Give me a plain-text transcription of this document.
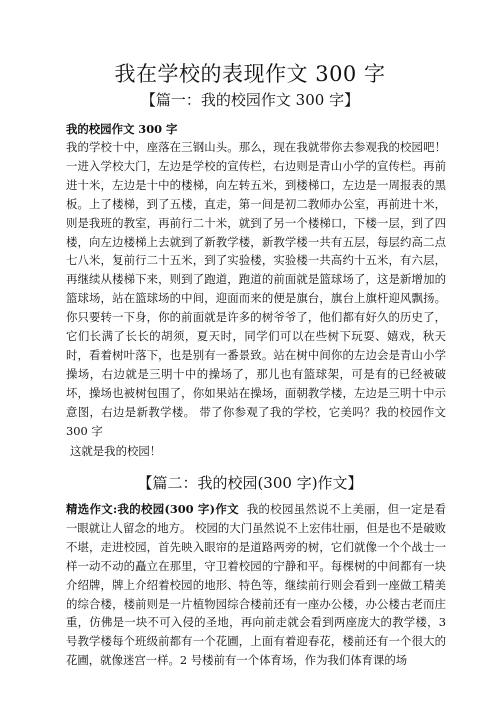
我在学校的表现作文 300 字
【篇一：我的校园作文 300 字】

我的校园作文 300 字

我的学校十中，座落在三钢山头。那么，现在我就带你去参观我的校园吧！一进入学校大门，左边是学校的宣传栏，右边则是青山小学的宣传栏。再前进十米，左边是十中的楼梯，向左转五米，到楼梯口，左边是一周报表的黑板。上了楼梯，到了五楼，直走，第一间是初二教师办公室，再前进十米，则是我班的教室，再前行二十米，就到了另一个楼梯口，下楼一层，到了四楼，向左边楼梯上去就到了新教学楼，新教学楼一共有五层，每层约高二点七八米，复前行二十五米，到了实验楼，实验楼一共高约十五米，有六层，再继续从楼梯下来，则到了跑道，跑道的前面就是篮球场了，这是新增加的篮球场，站在篮球场的中间，迎面而来的便是旗台，旗台上旗杆迎风飘扬。你只要转一下身，你的前面就是许多的树爷爷了，他们都有好久的历史了，它们长满了长长的胡须，夏天时，同学们可以在些树下玩耍、嬉戏，秋天时，看着树叶落下，也是别有一番景致。站在树中间你的左边会是青山小学操场，右边就是三明十中的操场了，那儿也有篮球架，可是有的已经被破坏，操场也被树包围了，你如果站在操场，面朝教学楼，左边是三明十中示意图，右边是新教学楼。 带了你参观了我的学校，它美吗？我的校园作文 300 字

这就是我的校园！

【篇二：我的校园(300 字)作文】

精选作文:我的校园(300 字)作文 我的校园虽然说不上美丽，但一定是看一眼就让人留念的地方。 校园的大门虽然说不上宏伟壮丽，但是也不是破败不堪，走进校园，首先映入眼帘的是道路两旁的树，它们就像一个个战士一样一动不动的矗立在那里，守卫着校园的宁静和平。每棵树的中间都有一块介绍牌，牌上介绍着校园的地形、特色等，继续前行则会看到一座做工精美的综合楼，楼前则是一片植物园综合楼前还有一座办公楼，办公楼古老而庄重，仿佛是一块不可入侵的圣地，再向前走就会看到两座庞大的教学楼，3 号教学楼每个班级前都有一个花圃，上面有着迎春花，楼前还有一个很大的花圃，就像迷宫一样。2 号楼前有一个体育场，作为我们体育课的场
